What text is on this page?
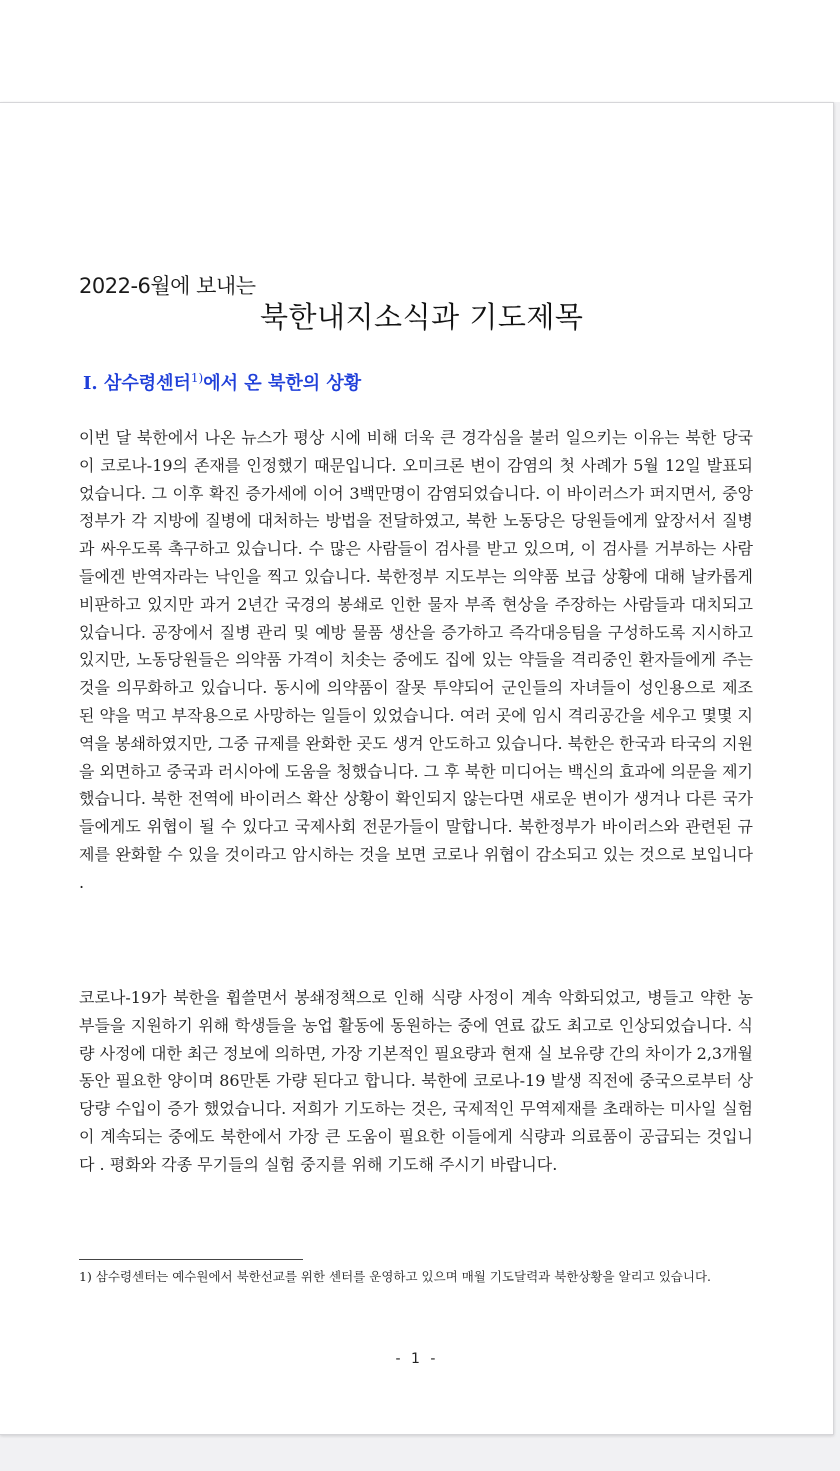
2022-6월에 보내는
북한내지소식과 기도제목
Ⅰ. 삼수령센터$^{1)}$에서 온 북한의 상황

이번 달 북한에서 나온 뉴스가 평상 시에 비해 더욱 큰 경각심을 불러 일으키는 이유는 북한 당국이 코로나-19의 존재를 인정했기 때문입니다. 오미크론 변이 감염의 첫 사례가 5월 12일 발표되었습니다. 그 이후 확진 증가세에 이어 3백만명이 감염되었습니다. 이 바이러스가 퍼지면서, 중앙정부가 각 지방에 질병에 대처하는 방법을 전달하였고, 북한 노동당은 당원들에게 앞장서서 질병과 싸우도록 촉구하고 있습니다. 수 많은 사람들이 검사를 받고 있으며, 이 검사를 거부하는 사람들에겐 반역자라는 낙인을 찍고 있습니다. 북한정부 지도부는 의약품 보급 상황에 대해 날카롭게 비판하고 있지만 과거 2년간 국경의 봉쇄로 인한 물자 부족 현상을 주장하는 사람들과 대치되고 있습니다. 공장에서 질병 관리 및 예방 물품 생산을 증가하고 즉각대응팀을 구성하도록 지시하고 있지만, 노동당원들은 의약품 가격이 치솟는 중에도 집에 있는 약들을 격리중인 환자들에게 주는 것을 의무화하고 있습니다. 동시에 의약품이 잘못 투약되어 군인들의 자녀들이 성인용으로 제조된 약을 먹고 부작용으로 사망하는 일들이 있었습니다. 여러 곳에 임시 격리공간을 세우고 몇몇 지역을 봉쇄하였지만, 그중 규제를 완화한 곳도 생겨 안도하고 있습니다. 북한은 한국과 타국의 지원을 외면하고 중국과 러시아에 도움을 청했습니다. 그 후 북한 미디어는 백신의 효과에 의문을 제기했습니다. 북한 전역에 바이러스 확산 상황이 확인되지 않는다면 새로운 변이가 생겨나 다른 국가들에게도 위협이 될 수 있다고 국제사회 전문가들이 말합니다. 북한정부가 바이러스와 관련된 규제를 완화할 수 있을 것이라고 암시하는 것을 보면 코로나 위협이 감소되고 있는 것으로 보입니다 .

코로나-19가 북한을 휩쓸면서 봉쇄정책으로 인해 식량 사정이 계속 악화되었고, 병들고 약한 농부들을 지원하기 위해 학생들을 농업 활동에 동원하는 중에 연료 값도 최고로 인상되었습니다. 식량 사정에 대한 최근 정보에 의하면, 가장 기본적인 필요량과 현재 실 보유량 간의 차이가 2,3개월 동안 필요한 양이며 86만톤 가량 된다고 합니다. 북한에 코로나-19 발생 직전에 중국으로부터 상당량 수입이 증가 했었습니다. 저희가 기도하는 것은, 국제적인 무역제재를 초래하는 미사일 실험이 계속되는 중에도 북한에서 가장 큰 도움이 필요한 이들에게 식량과 의료품이 공급되는 것입니다 . 평화와 각종 무기들의 실험 중지를 위해 기도해 주시기 바랍니다.

1) 삼수령센터는 예수원에서 북한선교를 위한 센터를 운영하고 있으며 매월 기도달력과 북한상황을 알리고 있습니다.
- 1 -
